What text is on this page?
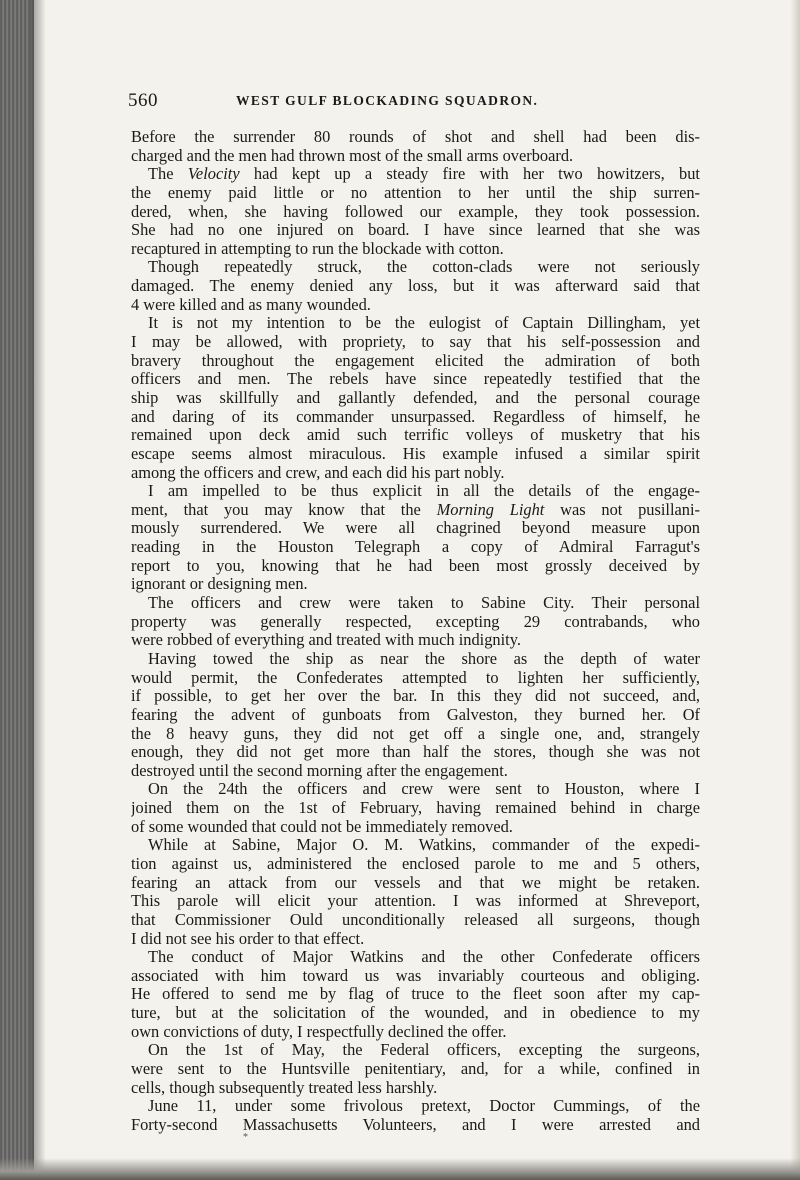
560	WEST GULF BLOCKADING SQUADRON.
Before the surrender 80 rounds of shot and shell had been dis-
charged and the men had thrown most of the small arms overboard.
The Velocity had kept up a steady fire with her two howitzers, but
the enemy paid little or no attention to her until the ship surren-
dered, when, she having followed our example, they took possession.
She had no one injured on board. I have since learned that she was
recaptured in attempting to run the blockade with cotton.
Though repeatedly struck, the cotton-clads were not seriously
damaged. The enemy denied any loss, but it was afterward said that
4 were killed and as many wounded.
It is not my intention to be the eulogist of Captain Dillingham, yet
I may be allowed, with propriety, to say that his self-possession and
bravery throughout the engagement elicited the admiration of both
officers and men. The rebels have since repeatedly testified that the
ship was skillfully and gallantly defended, and the personal courage
and daring of its commander unsurpassed. Regardless of himself, he
remained upon deck amid such terrific volleys of musketry that his
escape seems almost miraculous. His example infused a similar spirit
among the officers and crew, and each did his part nobly.
I am impelled to be thus explicit in all the details of the engage-
ment, that you may know that the Morning Light was not pusillani-
mously surrendered. We were all chagrined beyond measure upon
reading in the Houston Telegraph a copy of Admiral Farragut's
report to you, knowing that he had been most grossly deceived by
ignorant or designing men.
The officers and crew were taken to Sabine City. Their personal
property was generally respected, excepting 29 contrabands, who
were robbed of everything and treated with much indignity.
Having towed the ship as near the shore as the depth of water
would permit, the Confederates attempted to lighten her sufficiently,
if possible, to get her over the bar. In this they did not succeed, and,
fearing the advent of gunboats from Galveston, they burned her. Of
the 8 heavy guns, they did not get off a single one, and, strangely
enough, they did not get more than half the stores, though she was not
destroyed until the second morning after the engagement.
On the 24th the officers and crew were sent to Houston, where I
joined them on the 1st of February, having remained behind in charge
of some wounded that could not be immediately removed.
While at Sabine, Major O. M. Watkins, commander of the expedi-
tion against us, administered the enclosed parole to me and 5 others,
fearing an attack from our vessels and that we might be retaken.
This parole will elicit your attention. I was informed at Shreveport,
that Commissioner Ould unconditionally released all surgeons, though
I did not see his order to that effect.
The conduct of Major Watkins and the other Confederate officers
associated with him toward us was invariably courteous and obliging.
He offered to send me by flag of truce to the fleet soon after my cap-
ture, but at the solicitation of the wounded, and in obedience to my
own convictions of duty, I respectfully declined the offer.
On the 1st of May, the Federal officers, excepting the surgeons,
were sent to the Huntsville penitentiary, and, for a while, confined in
cells, though subsequently treated less harshly.
June 11, under some frivolous pretext, Doctor Cummings, of the
Forty-second Massachusetts Volunteers, and I were arrested and
*
